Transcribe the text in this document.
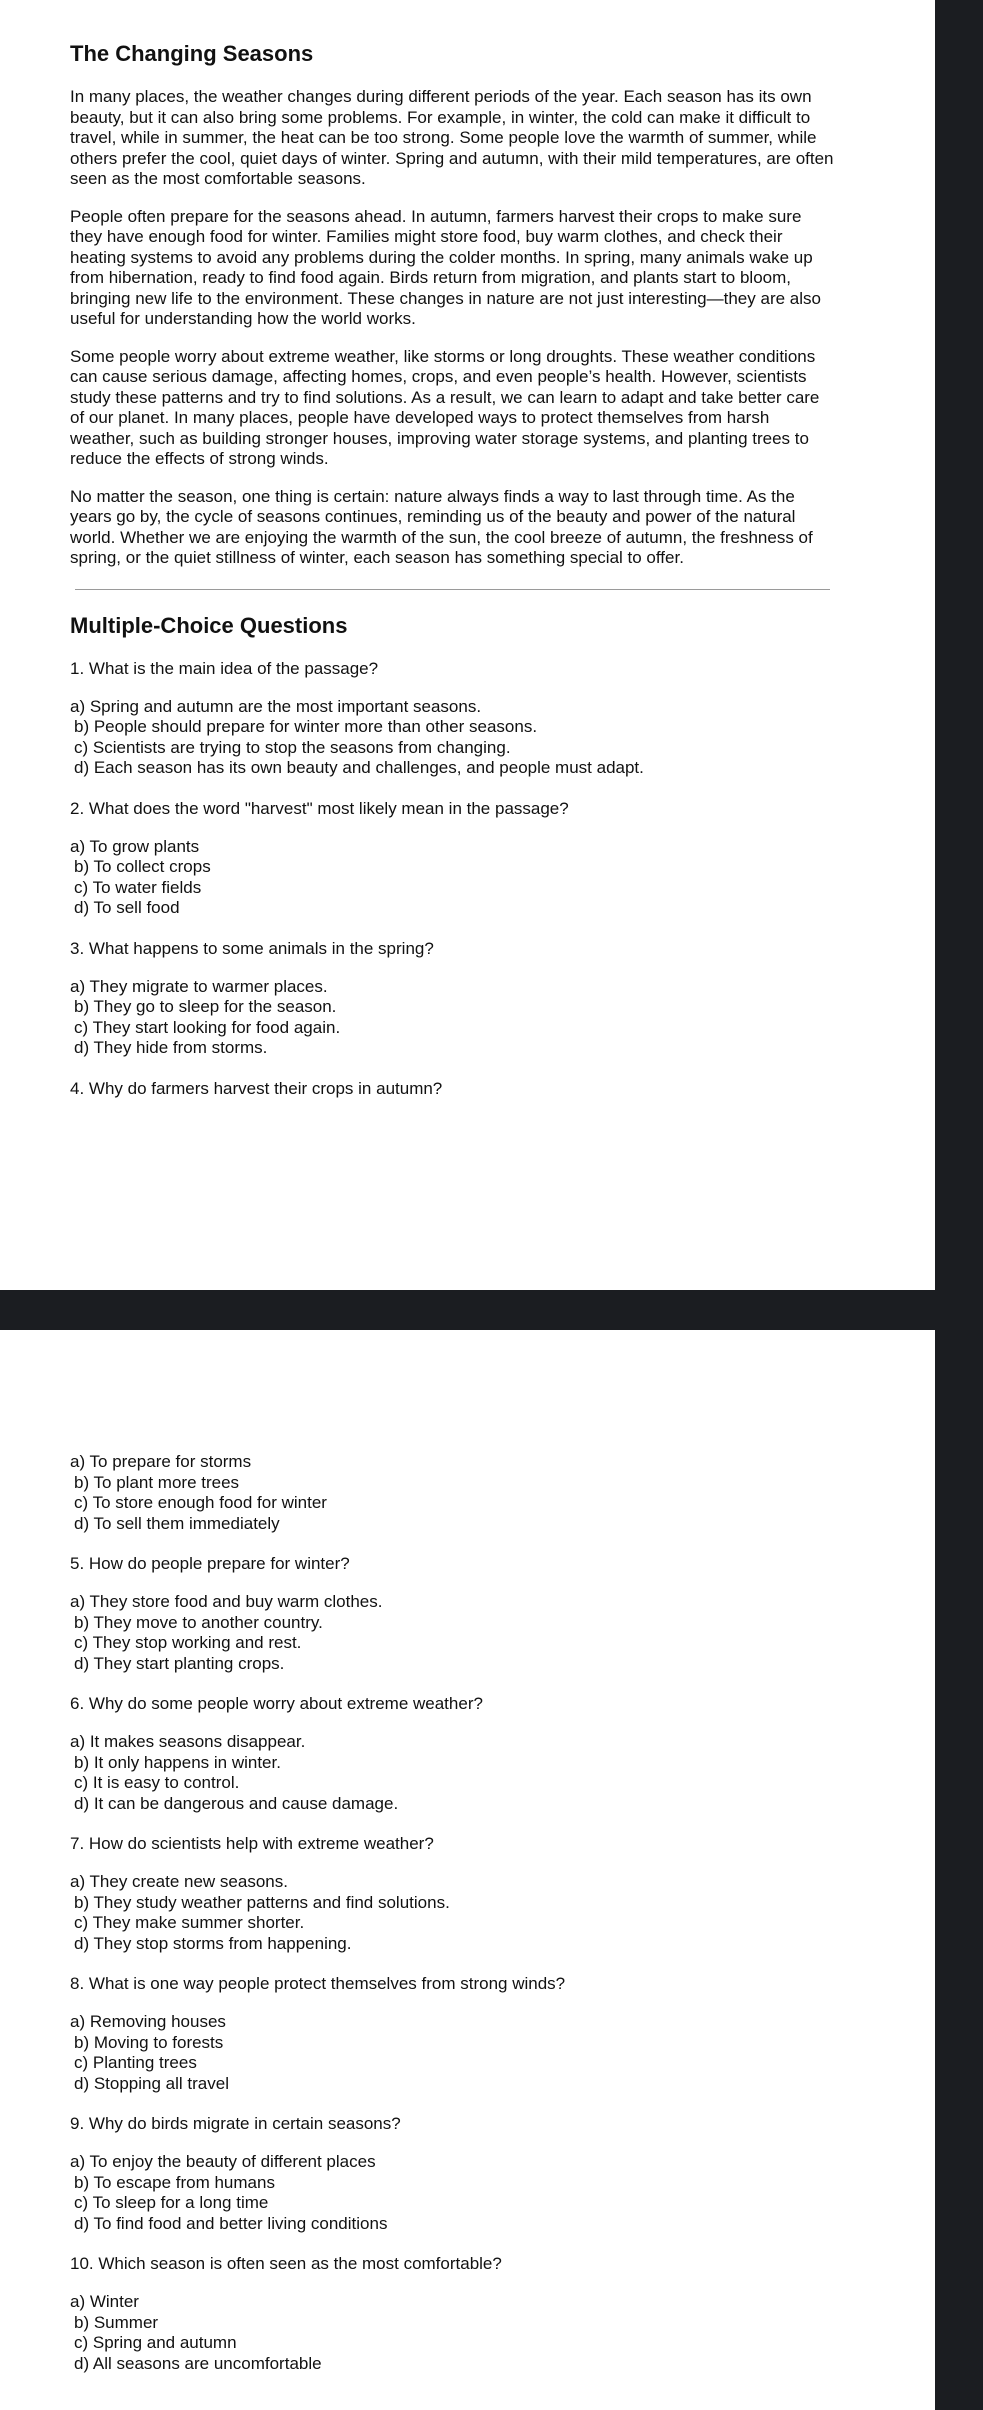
The Changing Seasons

In many places, the weather changes during different periods of the year. Each season has its own beauty, but it can also bring some problems. For example, in winter, the cold can make it difficult to travel, while in summer, the heat can be too strong. Some people love the warmth of summer, while others prefer the cool, quiet days of winter. Spring and autumn, with their mild temperatures, are often seen as the most comfortable seasons.

People often prepare for the seasons ahead. In autumn, farmers harvest their crops to make sure they have enough food for winter. Families might store food, buy warm clothes, and check their heating systems to avoid any problems during the colder months. In spring, many animals wake up from hibernation, ready to find food again. Birds return from migration, and plants start to bloom, bringing new life to the environment. These changes in nature are not just interesting—they are also useful for understanding how the world works.

Some people worry about extreme weather, like storms or long droughts. These weather conditions can cause serious damage, affecting homes, crops, and even people’s health. However, scientists study these patterns and try to find solutions. As a result, we can learn to adapt and take better care of our planet. In many places, people have developed ways to protect themselves from harsh weather, such as building stronger houses, improving water storage systems, and planting trees to reduce the effects of strong winds.

No matter the season, one thing is certain: nature always finds a way to last through time. As the years go by, the cycle of seasons continues, reminding us of the beauty and power of the natural world. Whether we are enjoying the warmth of the sun, the cool breeze of autumn, the freshness of spring, or the quiet stillness of winter, each season has something special to offer.

Multiple-Choice Questions
1. What is the main idea of the passage?
a) Spring and autumn are the most important seasons.
b) People should prepare for winter more than other seasons.
c) Scientists are trying to stop the seasons from changing.
d) Each season has its own beauty and challenges, and people must adapt.
2. What does the word "harvest" most likely mean in the passage?
a) To grow plants
b) To collect crops
c) To water fields
d) To sell food
3. What happens to some animals in the spring?
a) They migrate to warmer places.
b) They go to sleep for the season.
c) They start looking for food again.
d) They hide from storms.
4. Why do farmers harvest their crops in autumn?
a) To prepare for storms
b) To plant more trees
c) To store enough food for winter
d) To sell them immediately
5. How do people prepare for winter?
a) They store food and buy warm clothes.
b) They move to another country.
c) They stop working and rest.
d) They start planting crops.
6. Why do some people worry about extreme weather?
a) It makes seasons disappear.
b) It only happens in winter.
c) It is easy to control.
d) It can be dangerous and cause damage.
7. How do scientists help with extreme weather?
a) They create new seasons.
b) They study weather patterns and find solutions.
c) They make summer shorter.
d) They stop storms from happening.
8. What is one way people protect themselves from strong winds?
a) Removing houses
b) Moving to forests
c) Planting trees
d) Stopping all travel
9. Why do birds migrate in certain seasons?
a) To enjoy the beauty of different places
b) To escape from humans
c) To sleep for a long time
d) To find food and better living conditions
10. Which season is often seen as the most comfortable?
a) Winter
b) Summer
c) Spring and autumn
d) All seasons are uncomfortable
